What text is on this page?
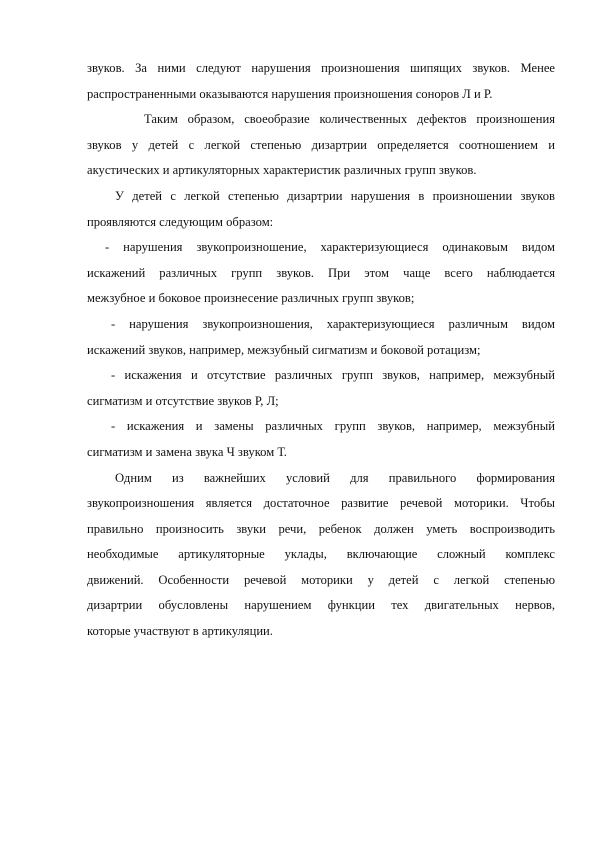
звуков. За ними следуют нарушения произношения шипящих звуков. Менее
распространенными оказываются нарушения произношения соноров Л и Р.
Таким образом, своеобразие количественных дефектов произношения
звуков у детей с легкой степенью дизартрии определяется соотношением и
акустических и артикуляторных характеристик различных групп звуков.
У детей с легкой степенью дизартрии нарушения в произношении звуков
проявляются следующим образом:
- нарушения звукопроизношение, характеризующиеся одинаковым видом
искажений различных групп звуков. При этом чаще всего наблюдается
межзубное и боковое произнесение различных групп звуков;
- нарушения звукопроизношения, характеризующиеся различным видом
искажений звуков, например, межзубный сигматизм и боковой ротацизм;
- искажения и отсутствие различных групп звуков, например, межзубный
сигматизм и отсутствие звуков Р, Л;
- искажения и замены различных групп звуков, например, межзубный
сигматизм и замена звука Ч звуком Т.
Одним из важнейших условий для правильного формирования
звукопроизношения является достаточное развитие речевой моторики. Чтобы
правильно произносить звуки речи, ребенок должен уметь воспроизводить
необходимые артикуляторные уклады, включающие сложный комплекс
движений. Особенности речевой моторики у детей с легкой степенью
дизартрии обусловлены нарушением функции тех двигательных нервов,
которые участвуют в артикуляции.
